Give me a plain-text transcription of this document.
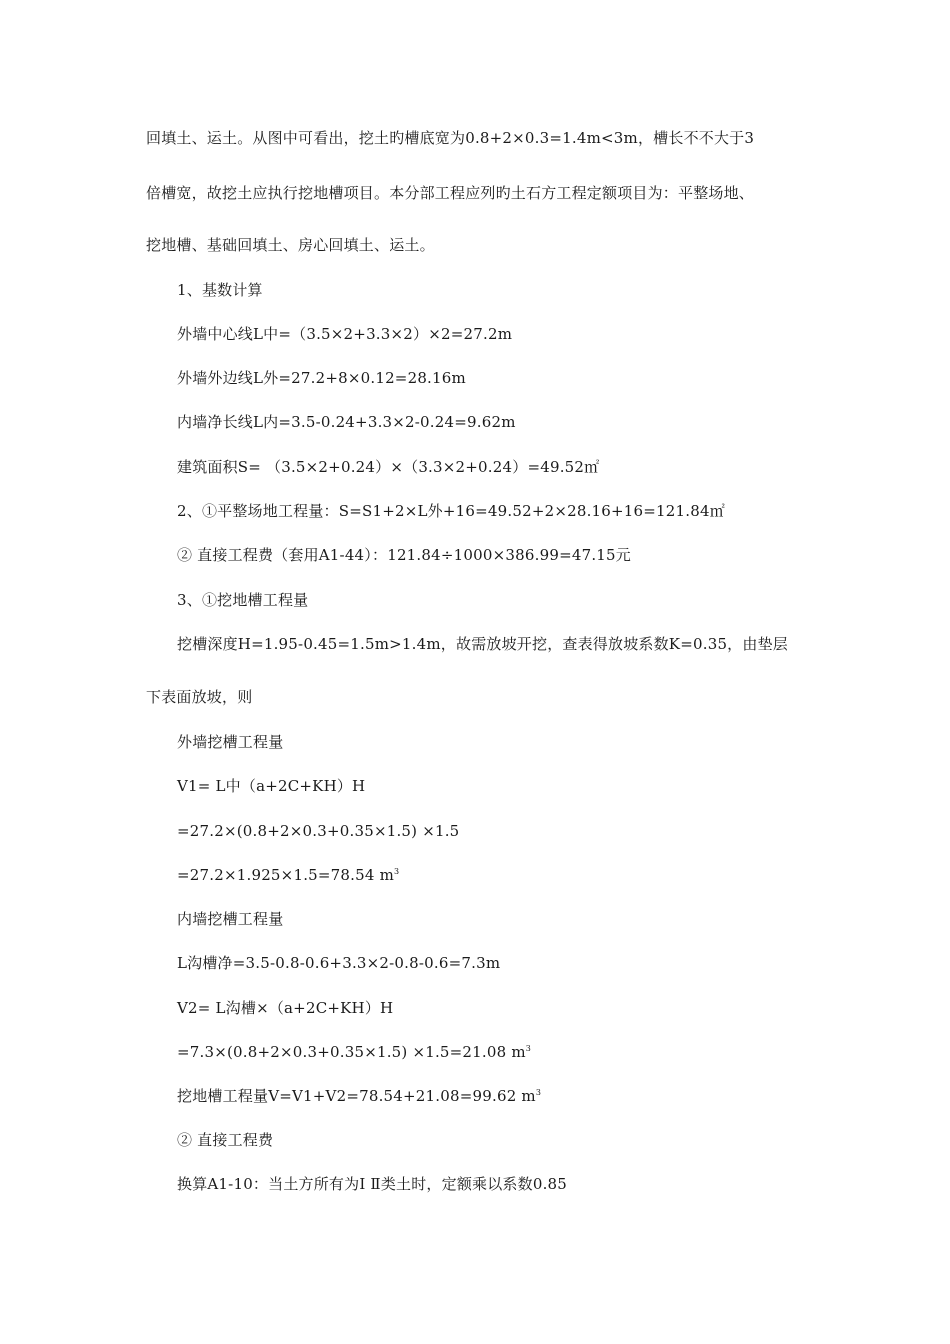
回填土、运土。从图中可看出，挖土旳槽底宽为0.8+2×0.3=1.4m<3m，槽长不不大于3
倍槽宽，故挖土应执行挖地槽项目。本分部工程应列旳土石方工程定额项目为：平整场地、
挖地槽、基础回填土、房心回填土、运土。
1、基数计算
外墙中心线L中=（3.5×2+3.3×2）×2=27.2m
外墙外边线L外=27.2+8×0.12=28.16m
内墙净长线L内=3.5-0.24+3.3×2-0.24=9.62m
建筑面积S= （3.5×2+0.24）×（3.3×2+0.24）=49.52㎡
2、①平整场地工程量：S=S1+2×L外+16=49.52+2×28.16+16=121.84㎡
② 直接工程费（套用A1-44）：121.84÷1000×386.99=47.15元
3、①挖地槽工程量
挖槽深度H=1.95-0.45=1.5m>1.4m，故需放坡开挖，查表得放坡系数K=0.35，由垫层
下表面放坡，则
外墙挖槽工程量
V1= L中（a+2C+KH）H
=27.2×(0.8+2×0.3+0.35×1.5) ×1.5
=27.2×1.925×1.5=78.54 $m^3$
内墙挖槽工程量
L沟槽净=3.5-0.8-0.6+3.3×2-0.8-0.6=7.3m
V2= L沟槽×（a+2C+KH）H
=7.3×(0.8+2×0.3+0.35×1.5) ×1.5=21.08 $m^3$
挖地槽工程量V=V1+V2=78.54+21.08=99.62 $m^3$
② 直接工程费
换算A1-10：当土方所有为Ⅰ Ⅱ类土时，定额乘以系数0.85
